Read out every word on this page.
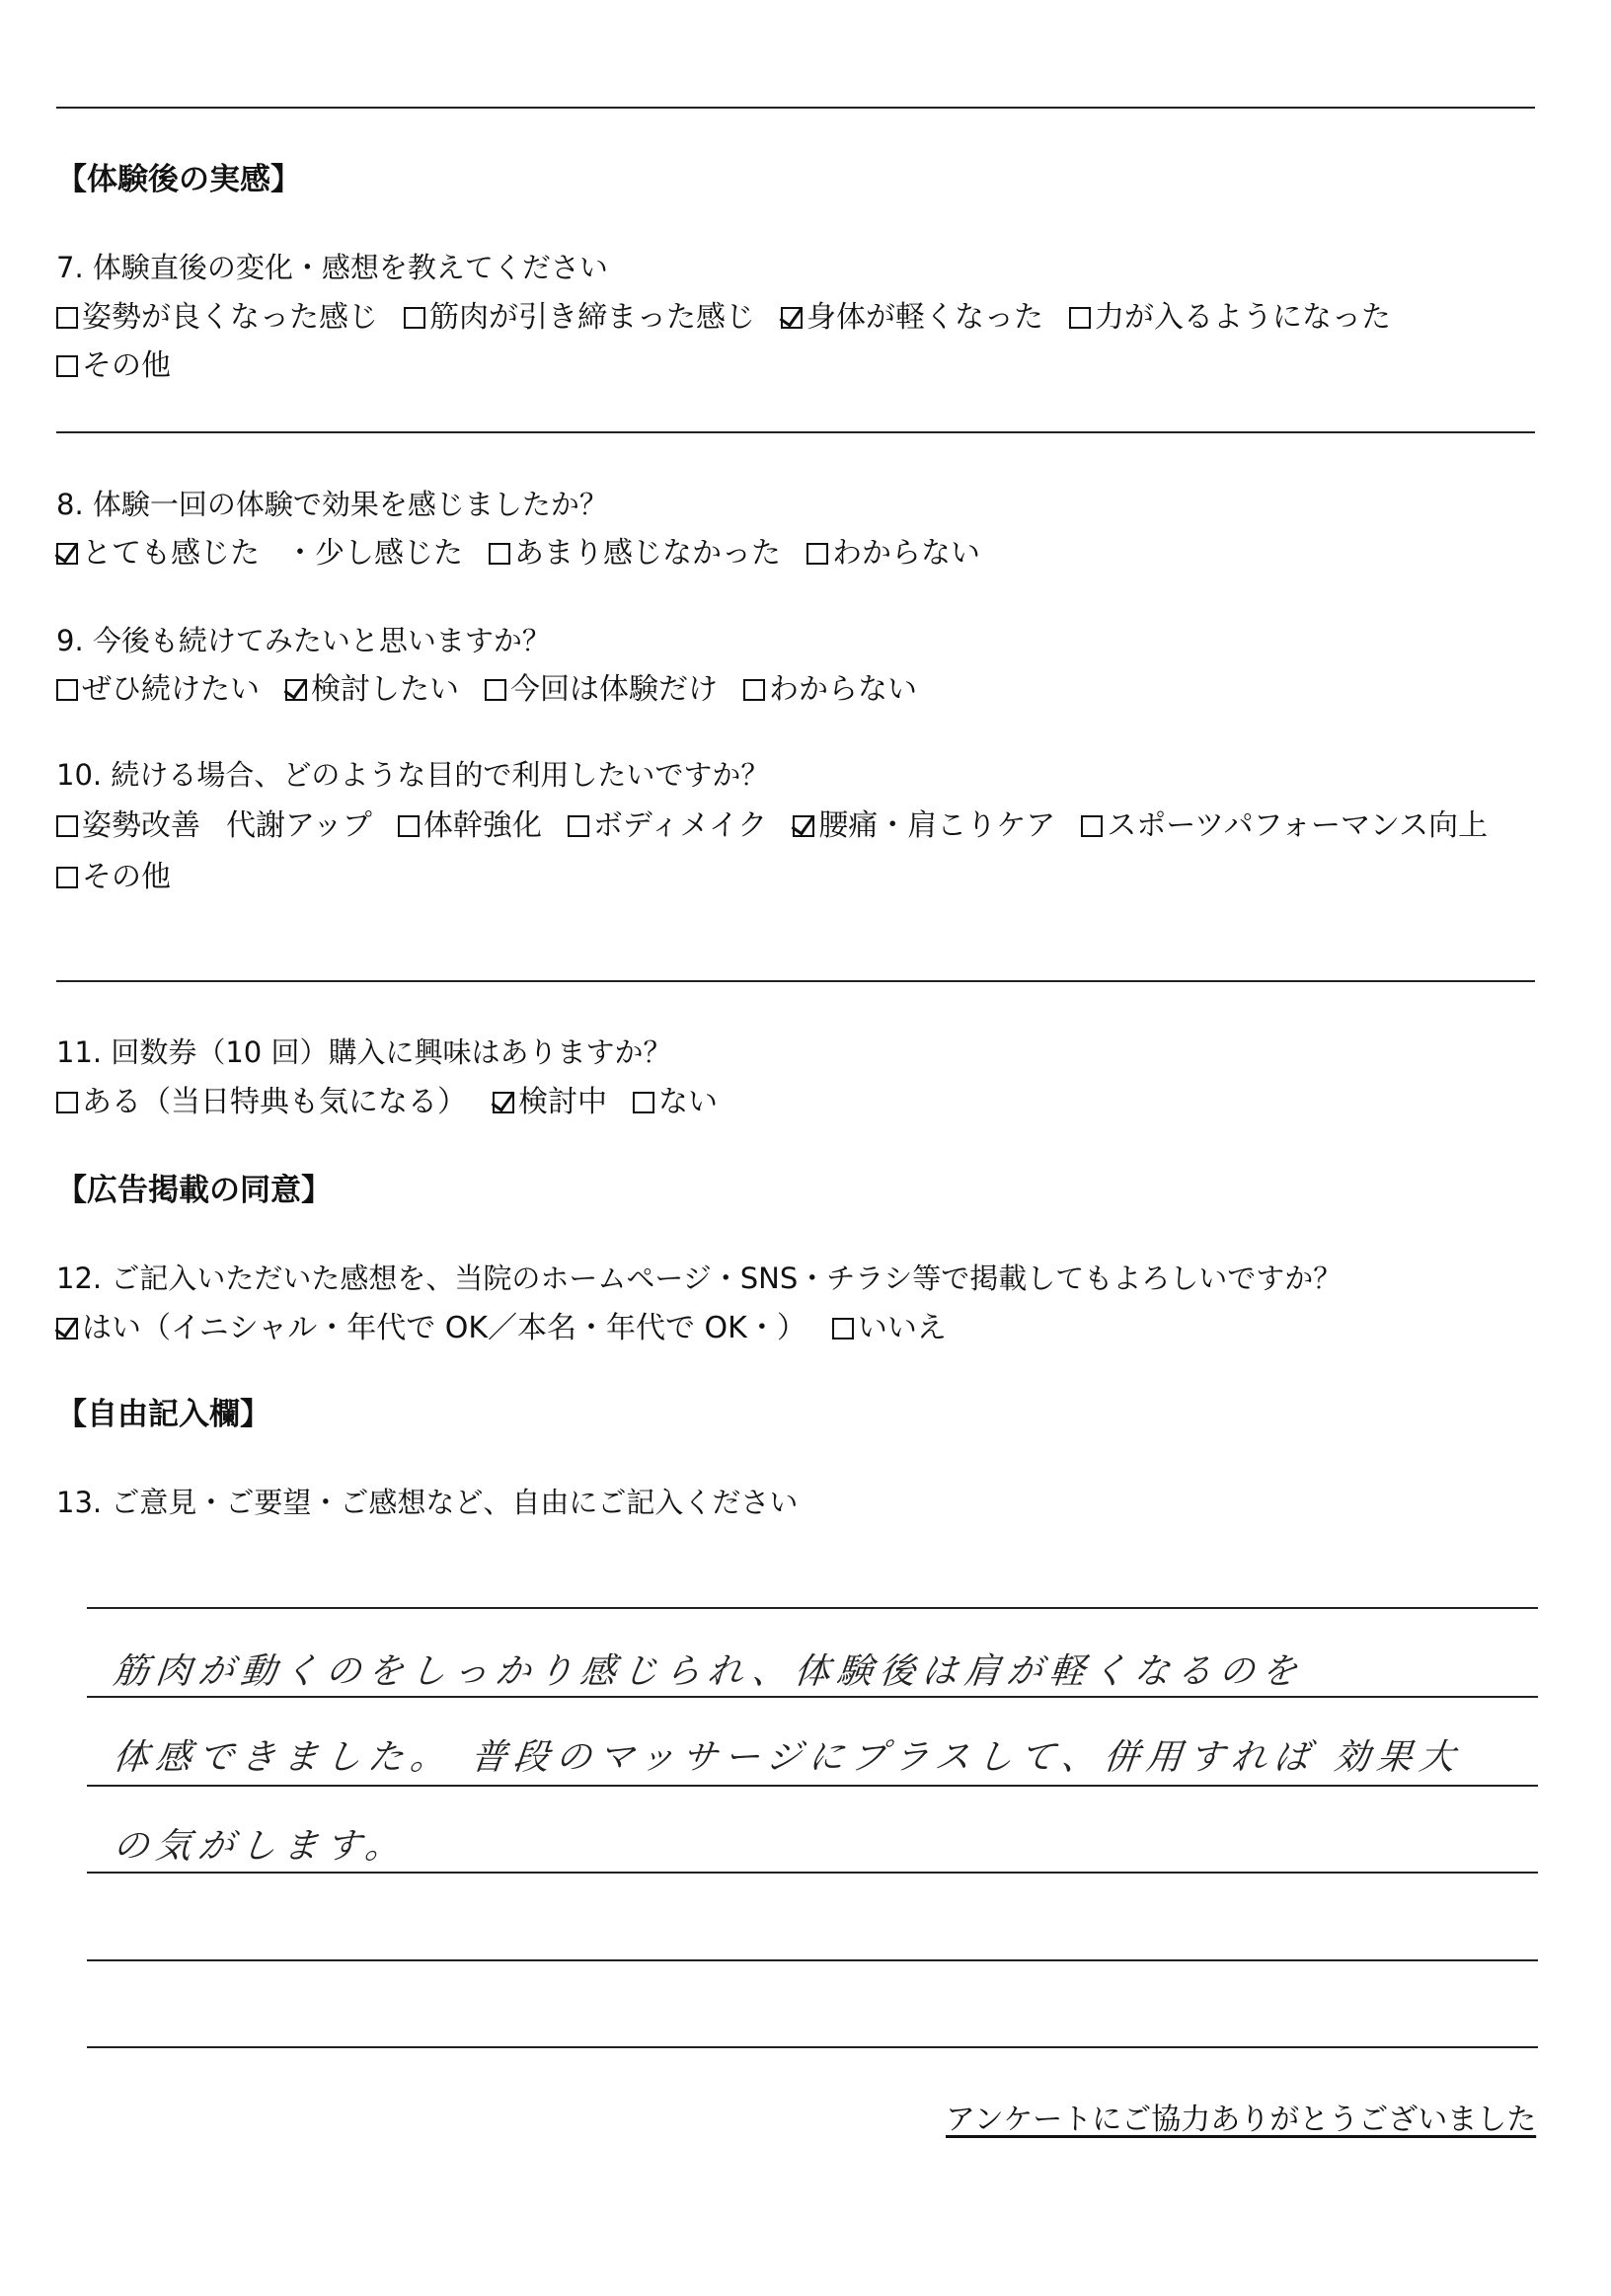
【体験後の実感】
7. 体験直後の変化・感想を教えてください
姿勢が良くなった感じ 筋肉が引き締まった感じ 身体が軽くなった 力が入るようになった
その他
8. 体験一回の体験で効果を感じましたか？
とても感じた ・少し感じた あまり感じなかった わからない
9. 今後も続けてみたいと思いますか？
ぜひ続けたい 検討したい 今回は体験だけ わからない
10. 続ける場合、どのような目的で利用したいですか？
姿勢改善 代謝アップ 体幹強化 ボディメイク 腰痛・肩こりケア スポーツパフォーマンス向上
その他
11. 回数券（10 回）購入に興味はありますか？
ある（当日特典も気になる） 検討中 ない
【広告掲載の同意】
12. ご記入いただいた感想を、当院のホームページ・SNS・チラシ等で掲載してもよろしいですか？
はい（イニシャル・年代で OK／本名・年代で OK・） いいえ
【自由記入欄】
13. ご意見・ご要望・ご感想など、自由にご記入ください
筋肉が動くのをしっかり感じられ、体験後は肩が軽くなるのを
体感できました。 普段のマッサージにプラスして、併用すれば 効果大
の気がします。
アンケートにご協力ありがとうございました
